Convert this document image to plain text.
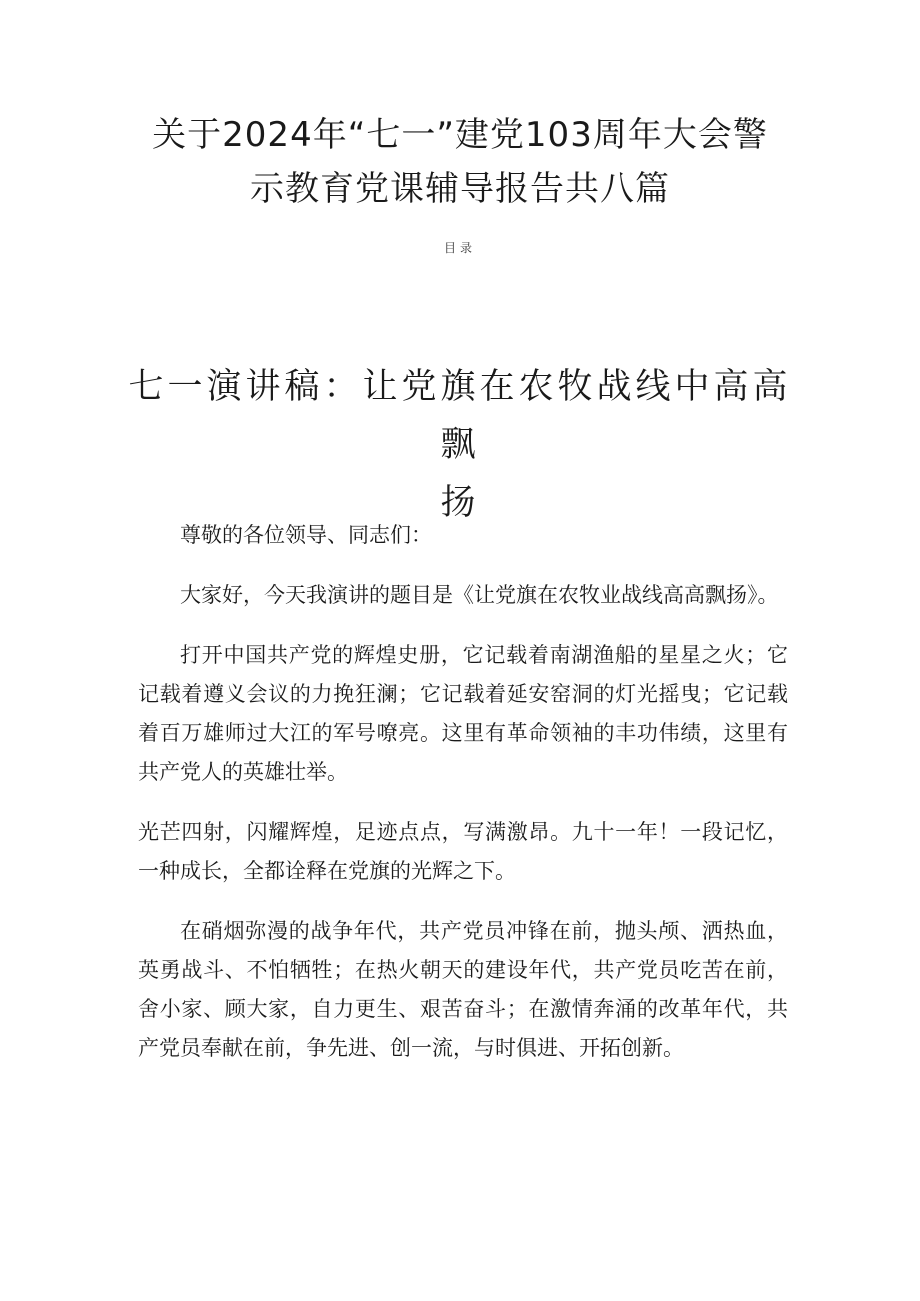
关于2024年“七一”建党103周年大会警
示教育党课辅导报告共八篇
目录
七一演讲稿：让党旗在农牧战线中高高飘
扬

尊敬的各位领导、同志们：

大家好，今天我演讲的题目是《让党旗在农牧业战线高高飘扬》。

打开中国共产党的辉煌史册，它记载着南湖渔船的星星之火；它记载着遵义会议的力挽狂澜；它记载着延安窑洞的灯光摇曳；它记载着百万雄师过大江的军号嘹亮。这里有革命领袖的丰功伟绩，这里有共产党人的英雄壮举。

光芒四射，闪耀辉煌，足迹点点，写满激昂。九十一年！一段记忆，一种成长，全都诠释在党旗的光辉之下。

在硝烟弥漫的战争年代，共产党员冲锋在前，抛头颅、洒热血，英勇战斗、不怕牺牲；在热火朝天的建设年代，共产党员吃苦在前，舍小家、顾大家，自力更生、艰苦奋斗；在激情奔涌的改革年代，共产党员奉献在前，争先进、创一流，与时俱进、开拓创新。
